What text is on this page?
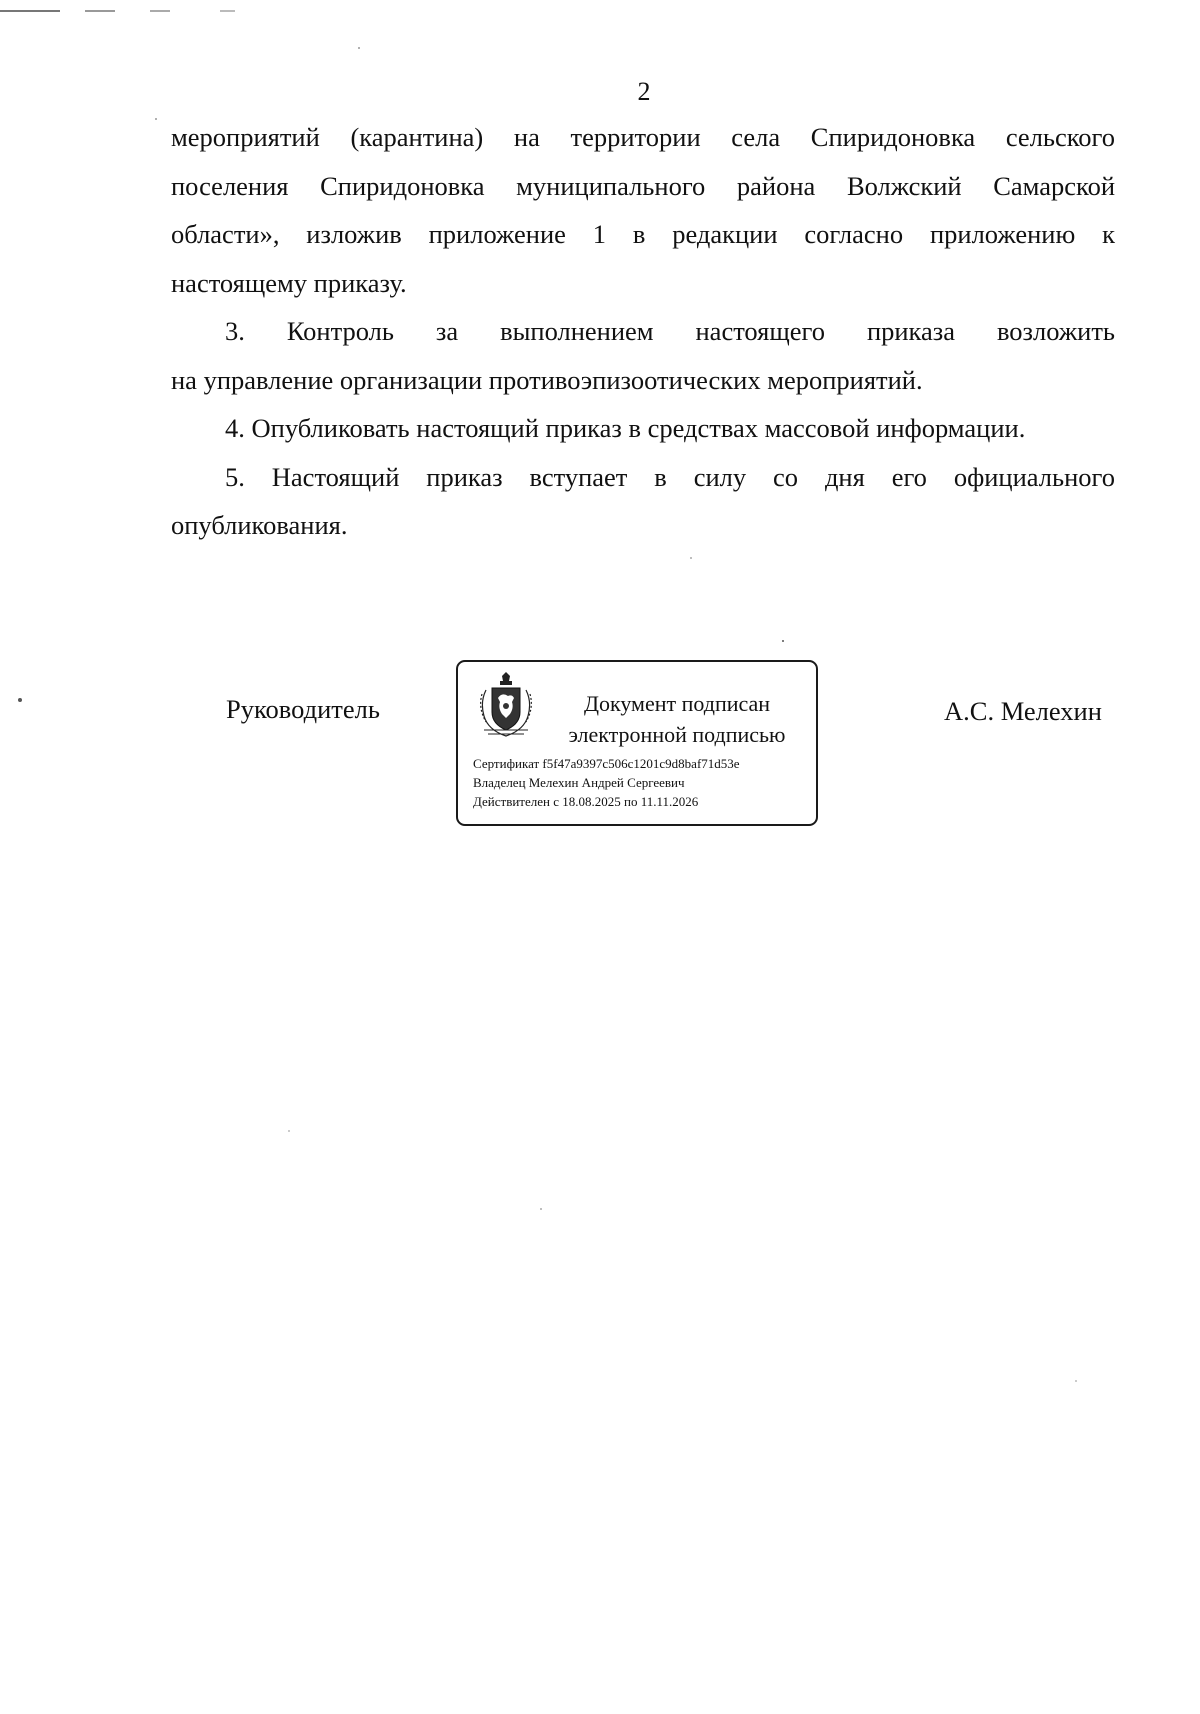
2

мероприятий (карантина) на территории села Спиридоновка сельского

поселения Спиридоновка муниципального района Волжский Самарской

области», изложив приложение 1 в редакции согласно приложению к

настоящему приказу.

3. Контроль за выполнением настоящего приказа возложить

на управление организации противоэпизоотических мероприятий.

4. Опубликовать настоящий приказ в средствах массовой информации.

5. Настоящий приказ вступает в силу со дня его официального

опубликования.

Руководитель	Документ подписан
электронной подписью
Сертификат f5f47a9397c506c1201c9d8baf71d53e
Владелец Мелехин Андрей Сергеевич
Действителен с 18.08.2025 по 11.11.2026
А.С. Мелехин
